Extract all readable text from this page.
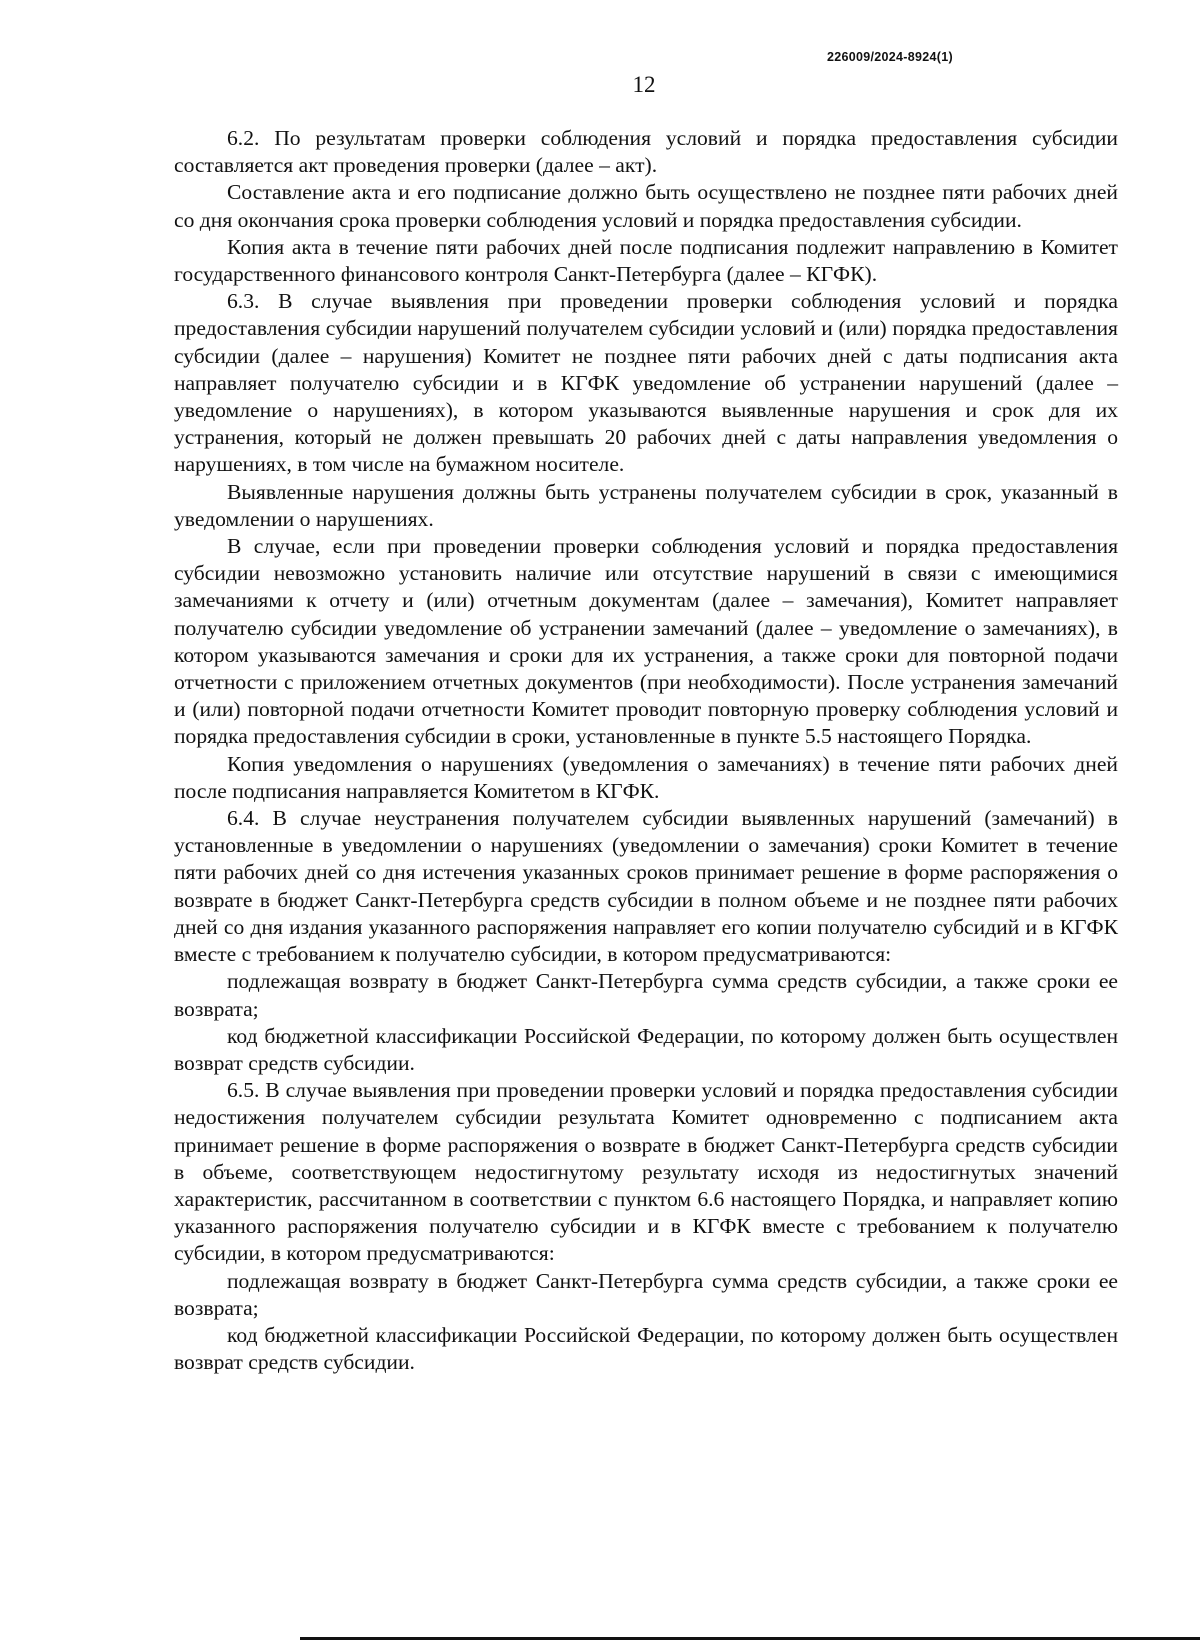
226009/2024-8924(1)
12

6.2. По результатам проверки соблюдения условий и порядка предоставления субсидии составляется акт проведения проверки (далее – акт).

Составление акта и его подписание должно быть осуществлено не позднее пяти рабочих дней со дня окончания срока проверки соблюдения условий и порядка предоставления субсидии.

Копия акта в течение пяти рабочих дней после подписания подлежит направлению в Комитет государственного финансового контроля Санкт-Петербурга (далее – КГФК).

6.3. В случае выявления при проведении проверки соблюдения условий и порядка предоставления субсидии нарушений получателем субсидии условий и (или) порядка предоставления субсидии (далее – нарушения) Комитет не позднее пяти рабочих дней с даты подписания акта направляет получателю субсидии и в КГФК уведомление об устранении нарушений (далее – уведомление о нарушениях), в котором указываются выявленные нарушения и срок для их устранения, который не должен превышать 20 рабочих дней с даты направления уведомления о нарушениях, в том числе на бумажном носителе.

Выявленные нарушения должны быть устранены получателем субсидии в срок, указанный в уведомлении о нарушениях.

В случае, если при проведении проверки соблюдения условий и порядка предоставления субсидии невозможно установить наличие или отсутствие нарушений в связи с имеющимися замечаниями к отчету и (или) отчетным документам (далее – замечания), Комитет направляет получателю субсидии уведомление об устранении замечаний (далее – уведомление о замечаниях), в котором указываются замечания и сроки для их устранения, а также сроки для повторной подачи отчетности с приложением отчетных документов (при необходимости). После устранения замечаний и (или) повторной подачи отчетности Комитет проводит повторную проверку соблюдения условий и порядка предоставления субсидии в сроки, установленные в пункте 5.5 настоящего Порядка.

Копия уведомления о нарушениях (уведомления о замечаниях) в течение пяти рабочих дней после подписания направляется Комитетом в КГФК.

6.4. В случае неустранения получателем субсидии выявленных нарушений (замечаний) в установленные в уведомлении о нарушениях (уведомлении о замечания) сроки Комитет в течение пяти рабочих дней со дня истечения указанных сроков принимает решение в форме распоряжения о возврате в бюджет Санкт-Петербурга средств субсидии в полном объеме и не позднее пяти рабочих дней со дня издания указанного распоряжения направляет его копии получателю субсидий и в КГФК вместе с требованием к получателю субсидии, в котором предусматриваются:

подлежащая возврату в бюджет Санкт-Петербурга сумма средств субсидии, а также сроки ее возврата;

код бюджетной классификации Российской Федерации, по которому должен быть осуществлен возврат средств субсидии.

6.5. В случае выявления при проведении проверки условий и порядка предоставления субсидии недостижения получателем субсидии результата Комитет одновременно с подписанием акта принимает решение в форме распоряжения о возврате в бюджет Санкт-Петербурга средств субсидии в объеме, соответствующем недостигнутому результату исходя из недостигнутых значений характеристик, рассчитанном в соответствии с пунктом 6.6 настоящего Порядка, и направляет копию указанного распоряжения получателю субсидии и в КГФК вместе с требованием к получателю субсидии, в котором предусматриваются:

подлежащая возврату в бюджет Санкт-Петербурга сумма средств субсидии, а также сроки ее возврата;

код бюджетной классификации Российской Федерации, по которому должен быть осуществлен возврат средств субсидии.
